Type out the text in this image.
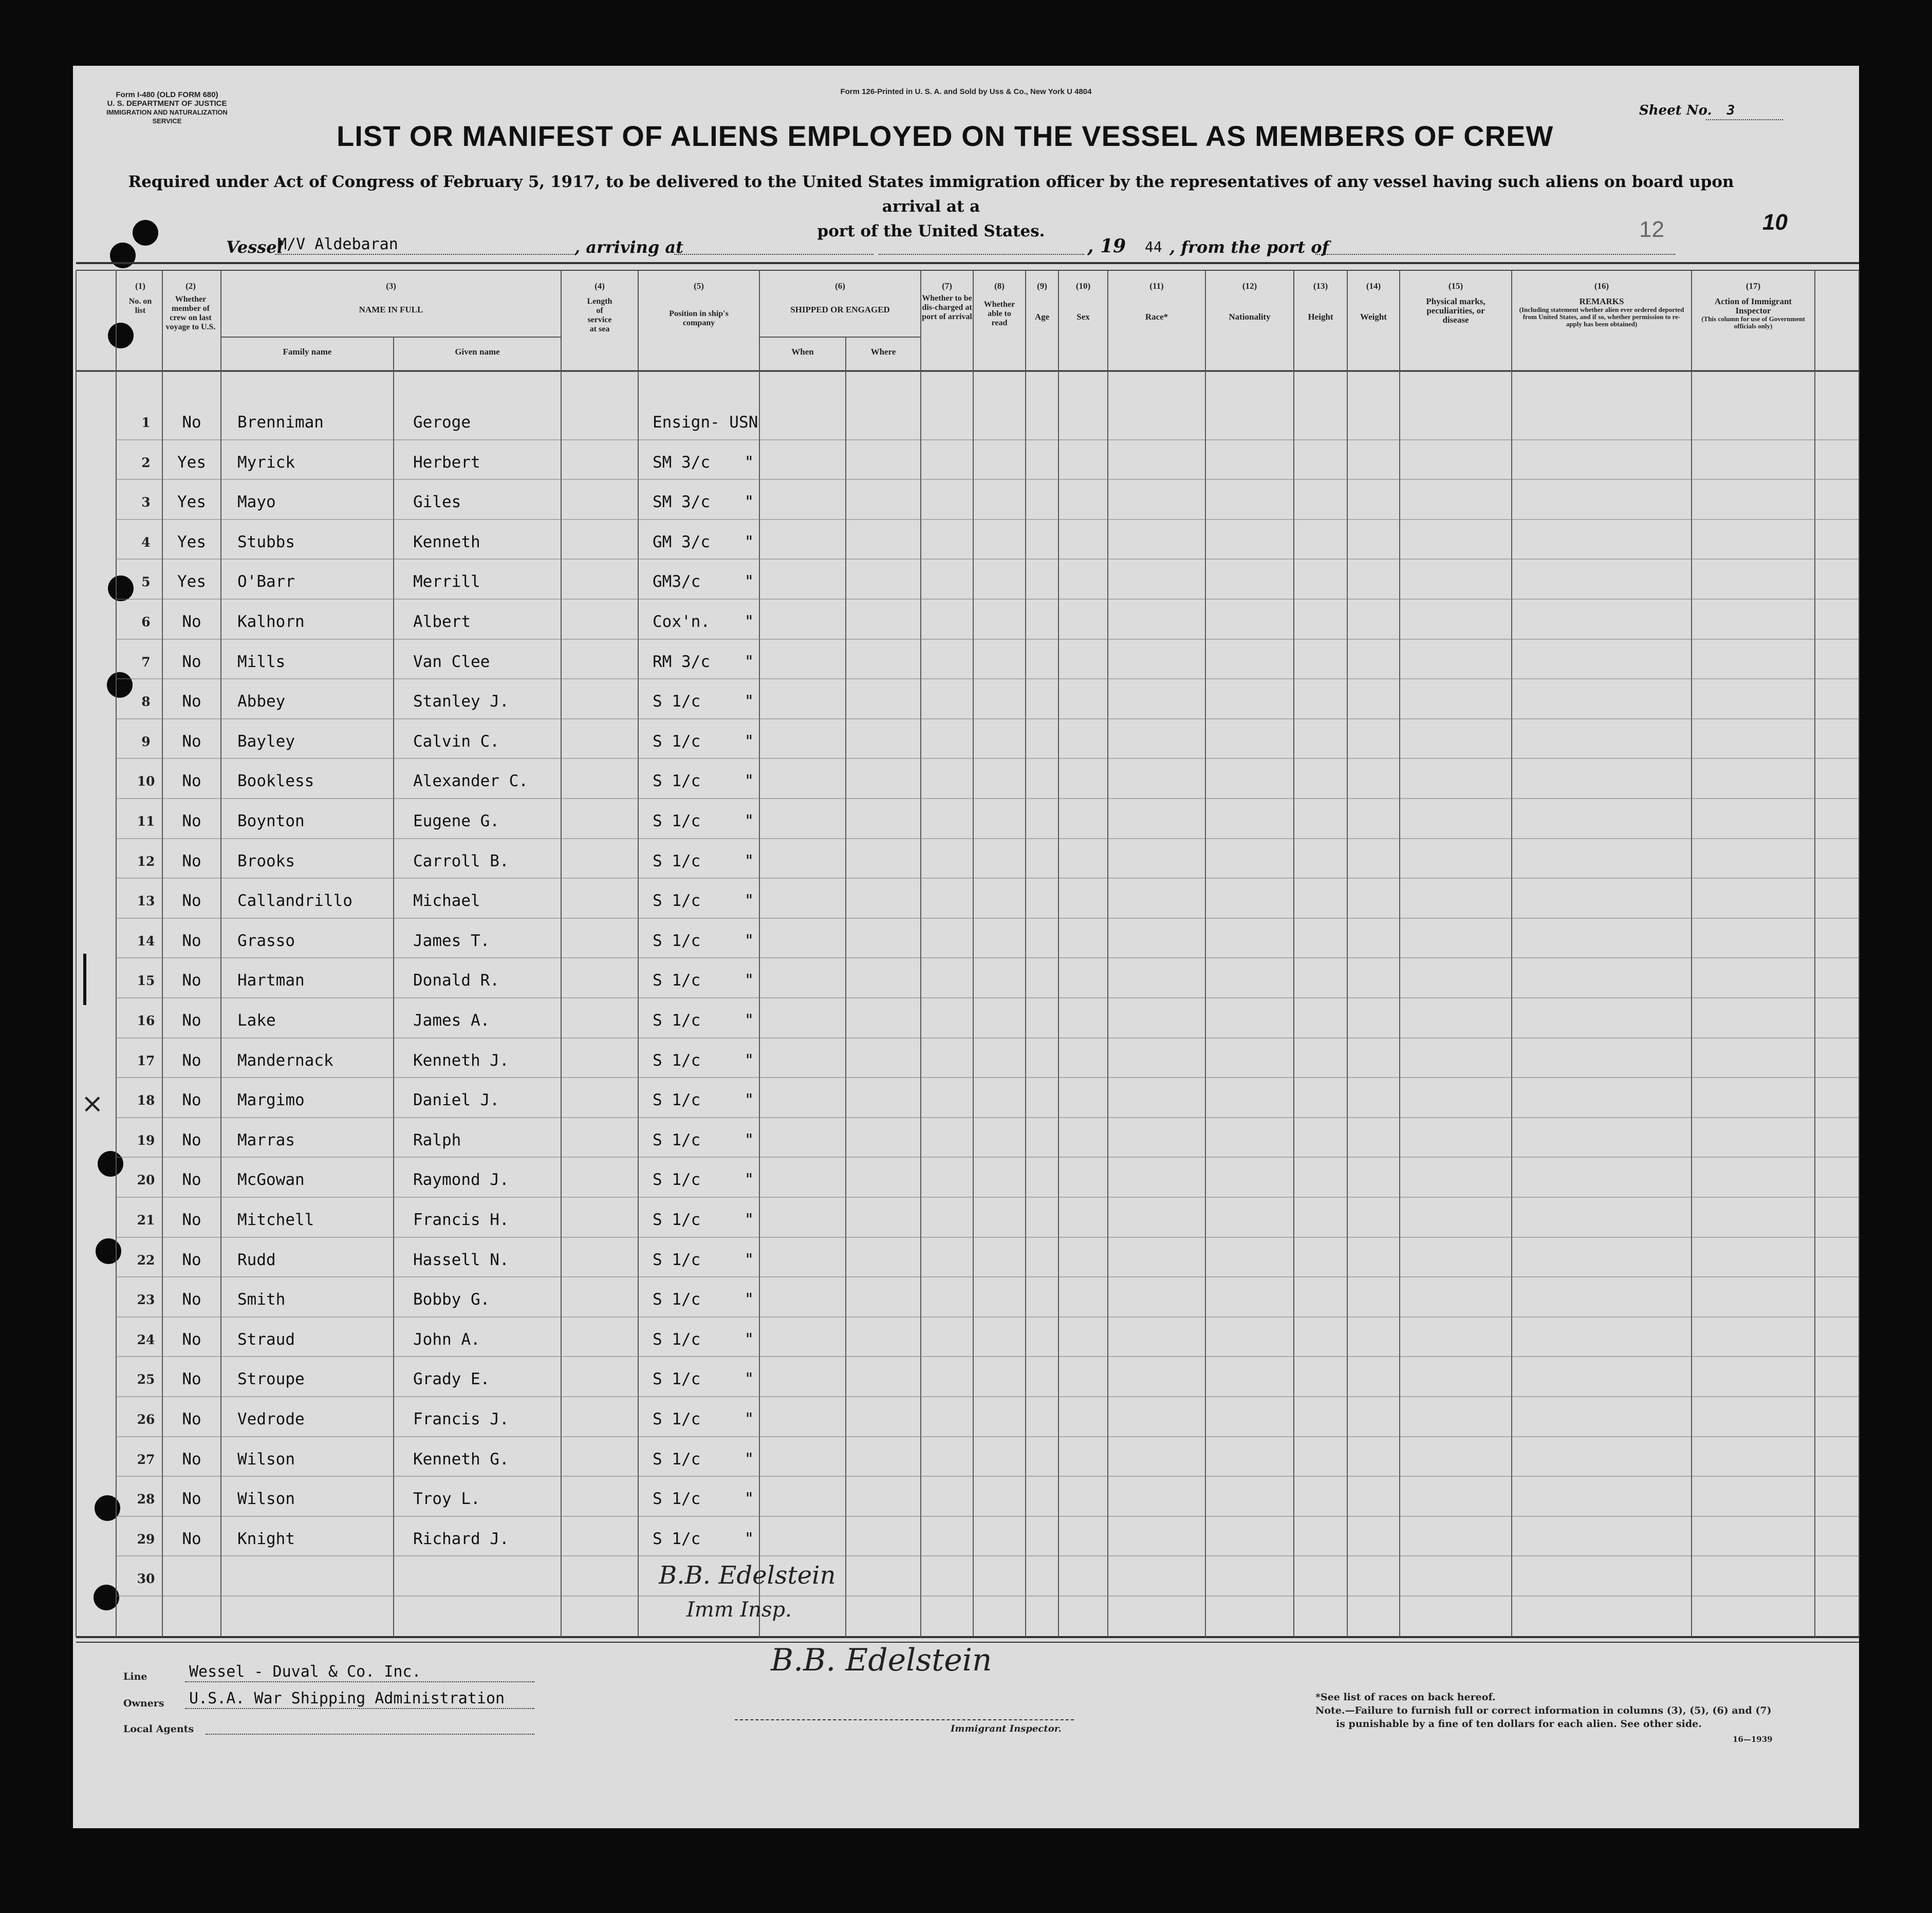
Form I-480 (OLD FORM 680)
U. S. DEPARTMENT OF JUSTICE
IMMIGRATION AND NATURALIZATION SERVICE
Form 126-Printed in U. S. A. and Sold by Uss & Co., New York U 4804
Sheet No. 3
LIST OR MANIFEST OF ALIENS EMPLOYED ON THE VESSEL AS MEMBERS OF CREW
Required under Act of Congress of February 5, 1917, to be delivered to the United States immigration officer by the representatives of any vessel having such aliens on board upon arrival at a
port of the United States.
Vessel
M/V Aldebaran	, arriving at	, 19 44 , from the port of
12	10
(1)
No. on list
(2)
Whether member of crew on last voyage to U.S.
(3)
NAME IN FULL
Family name	Given name
(4)
Length of service at sea
(5)
Position in ship's company
(6)
SHIPPED OR ENGAGED
When	Where
(7)
Whether to be dis-charged at port of arrival
(8)
Whether able to read
(9)
Age
(10)
Sex
(11)
Race*
(12)
Nationality
(13)
Height
(14)
Weight
(15)
Physical marks, peculiarities, or disease
(16)
REMARKS
(Including statement whether alien ever ordered deported from United States, and if so, whether permission to re-apply has been obtained)
(17)
Action of Immigrant Inspector
(This column for use of Government officials only)
1	No	Brenniman	Geroge	Ensign- USN
2	Yes	Myrick	Herbert	SM 3/c	"
3	Yes	Mayo	Giles	SM 3/c	"
4	Yes	Stubbs	Kenneth	GM 3/c	"
5	Yes	O'Barr	Merrill	GM3/c	"
6	No	Kalhorn	Albert	Cox'n.	"
7	No	Mills	Van Clee	RM 3/c	"
8	No	Abbey	Stanley J.	S 1/c	"
9	No	Bayley	Calvin C.	S 1/c	"
10	No	Bookless	Alexander C.	S 1/c	"
11	No	Boynton	Eugene G.	S 1/c	"
12	No	Brooks	Carroll B.	S 1/c	"
13	No	Callandrillo	Michael	S 1/c	"
14	No	Grasso	James T.	S 1/c	"
15	No	Hartman	Donald R.	S 1/c	"
16	No	Lake	James A.	S 1/c	"
17	No	Mandernack	Kenneth J.	S 1/c	"
18	No	Margimo	Daniel J.	S 1/c	"
19	No	Marras	Ralph	S 1/c	"
20	No	McGowan	Raymond J.	S 1/c	"
21	No	Mitchell	Francis H.	S 1/c	"
22	No	Rudd	Hassell N.	S 1/c	"
23	No	Smith	Bobby G.	S 1/c	"
24	No	Straud	John A.	S 1/c	"
25	No	Stroupe	Grady E.	S 1/c	"
26	No	Vedrode	Francis J.	S 1/c	"
27	No	Wilson	Kenneth G.	S 1/c	"
28	No	Wilson	Troy L.	S 1/c	"
29	No	Knight	Richard J.	S 1/c	"
30	B.B. Edelstein
Imm Insp.
Line	Wessel - Duval & Co. Inc.
Owners U.S.A. War Shipping Administration
Local Agents
B.B. Edelstein
Immigrant Inspector.
*See list of races on back hereof.
Note.—Failure to furnish full or correct information in columns (3), (5), (6) and (7)
is punishable by a fine of ten dollars for each alien. See other side.
16—1939
×
